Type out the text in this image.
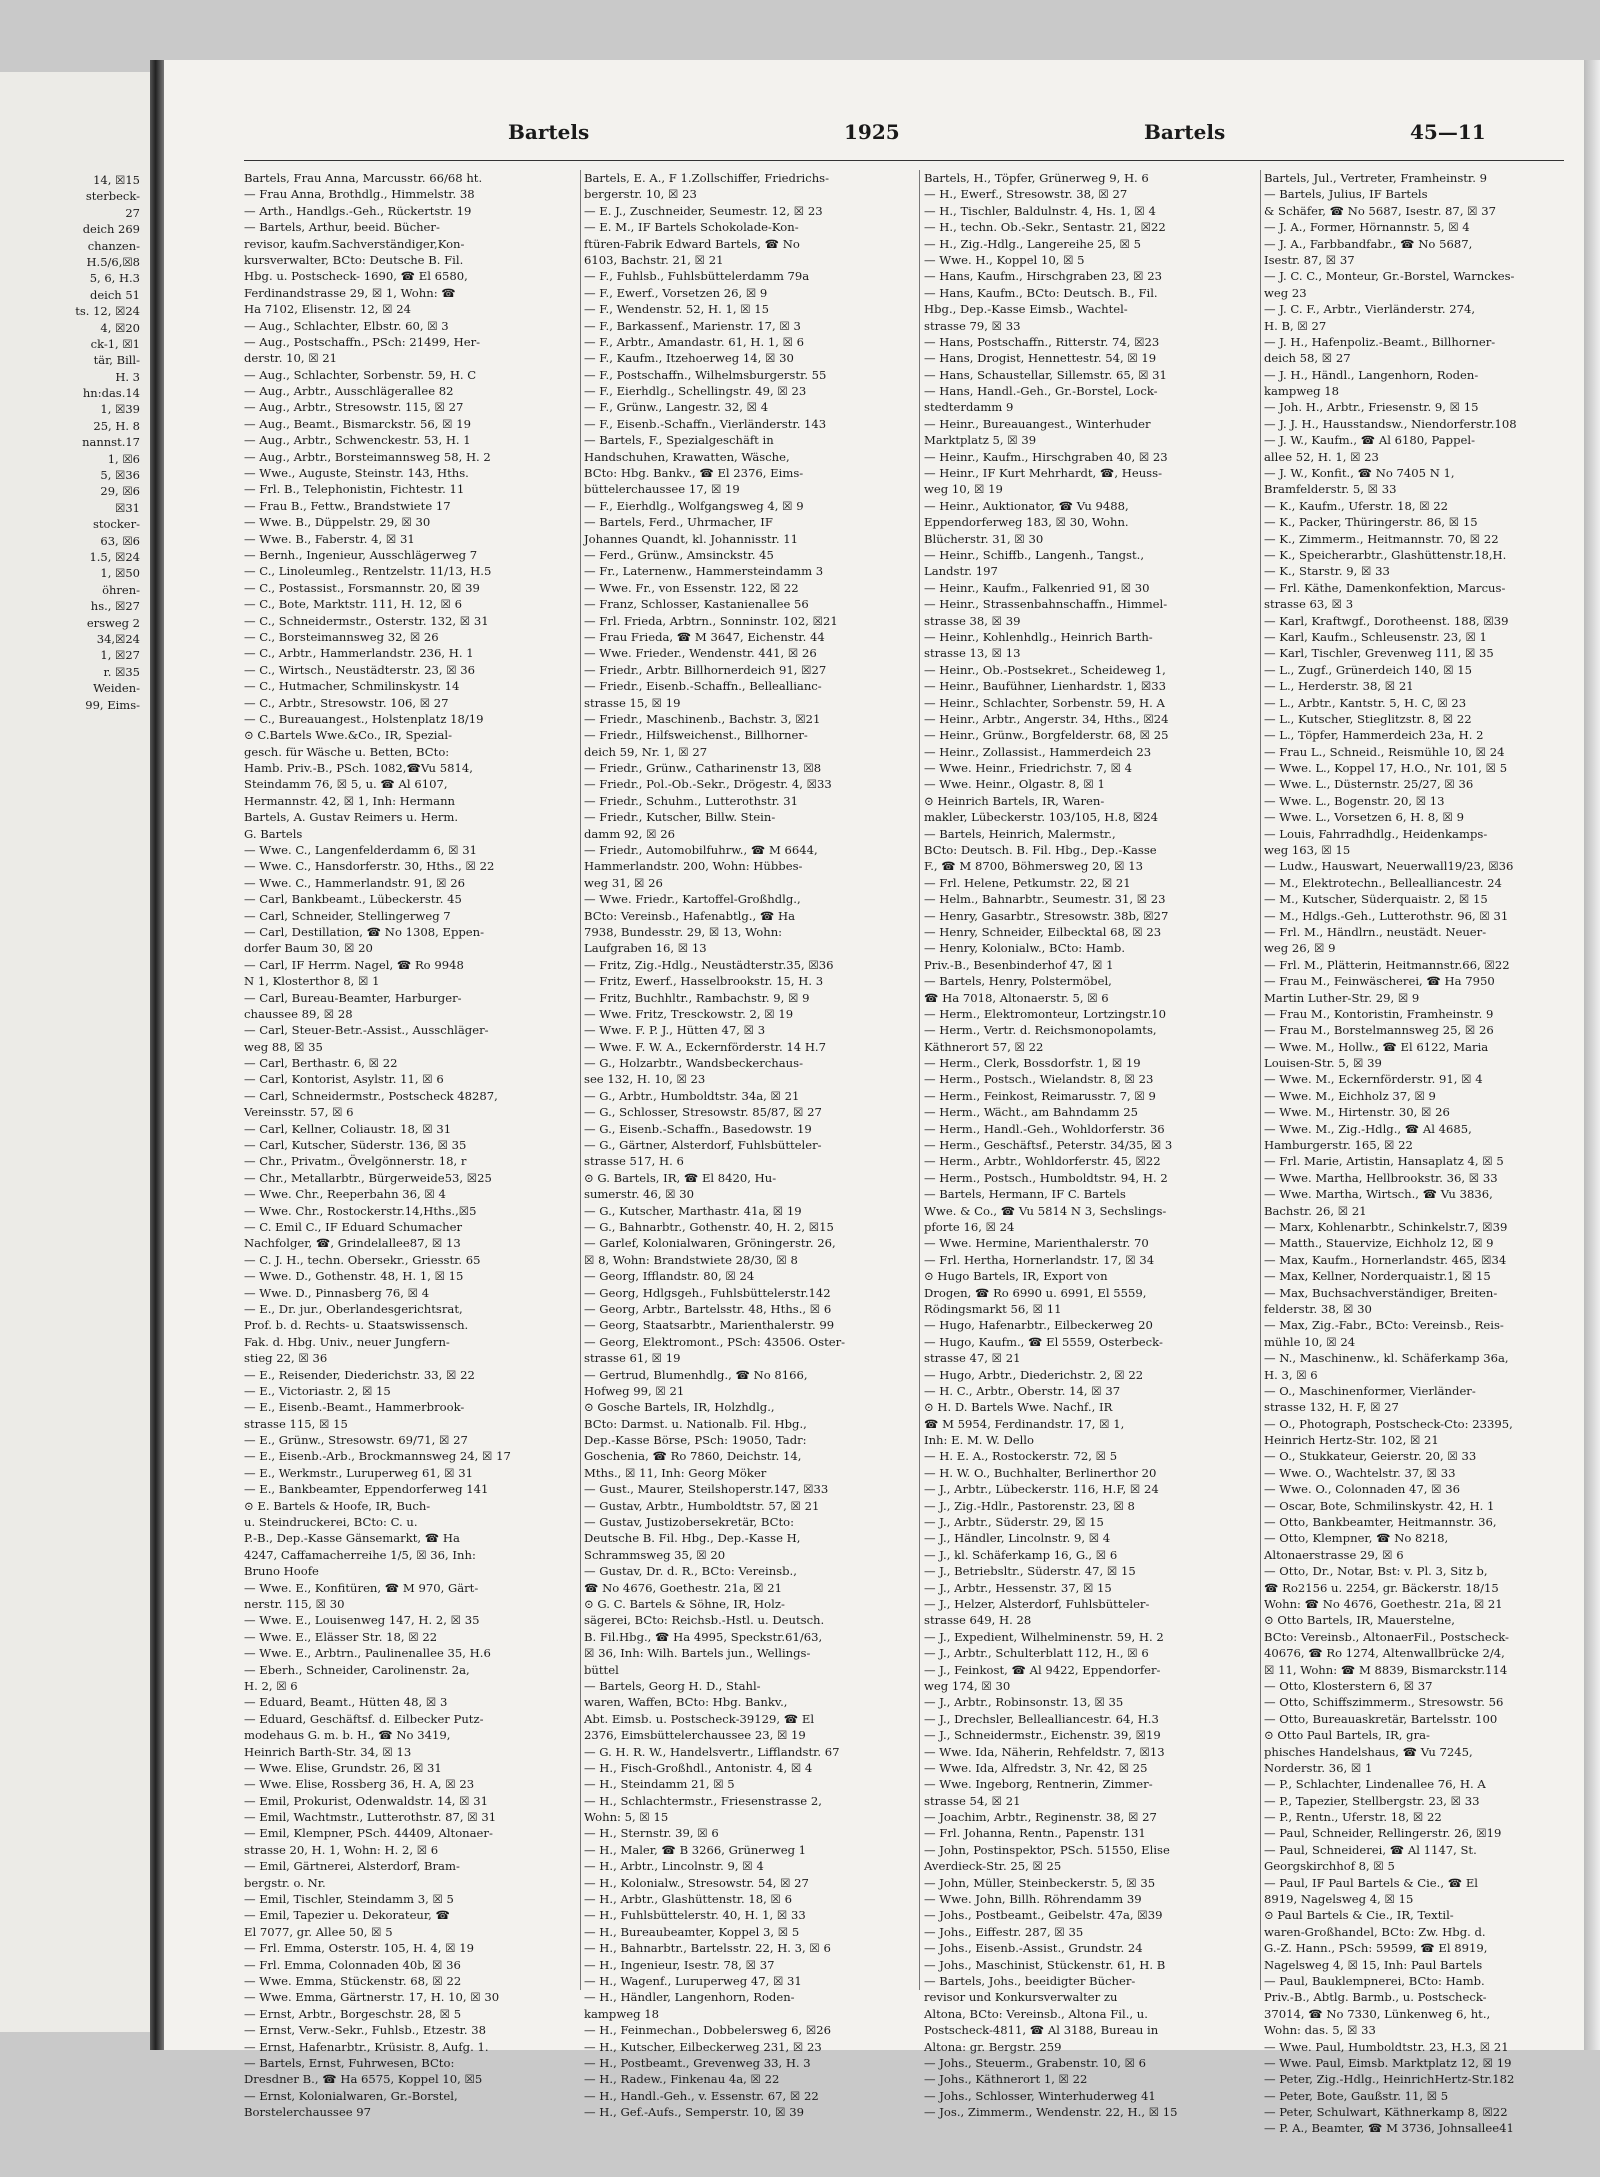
14, ☒15
sterbeck-
27
deich 269
chanzen-
H.5/6,☒8
5, 6, H.3
deich 51
ts. 12, ☒24
4, ☒20
ck-1, ☒1
tär, Bill-
H. 3
hn:das.14
1, ☒39
25, H. 8
nannst.17
1, ☒6
5, ☒36
29, ☒6
☒31
stocker-
63, ☒6
1.5, ☒24
1, ☒50
öhren-
hs., ☒27
ersweg 2
34,☒24
1, ☒27
r. ☒35
Weiden-
99, Eims-
Bartels	1925	Bartels	45—11
Bartels, Frau Anna, Marcusstr. 66/68 ht.
— Frau Anna, Brothdlg., Himmelstr. 38
— Arth., Handlgs.-Geh., Rückertstr. 19
— Bartels, Arthur, beeid. Bücher-
revisor, kaufm.Sachverständiger,Kon-
kursverwalter, BCto: Deutsche B. Fil.
Hbg. u. Postscheck- 1690, ☎ El 6580,
Ferdinandstrasse 29, ☒ 1, Wohn: ☎
Ha 7102, Elisenstr. 12, ☒ 24
— Aug., Schlachter, Elbstr. 60, ☒ 3
— Aug., Postschaffn., PSch: 21499, Her-
derstr. 10, ☒ 21
— Aug., Schlachter, Sorbenstr. 59, H. C
— Aug., Arbtr., Ausschlägerallee 82
— Aug., Arbtr., Stresowstr. 115, ☒ 27
— Aug., Beamt., Bismarckstr. 56, ☒ 19
— Aug., Arbtr., Schwenckestr. 53, H. 1
— Aug., Arbtr., Borsteimannsweg 58, H. 2
— Wwe., Auguste, Steinstr. 143, Hths.
— Frl. B., Telephonistin, Fichtestr. 11
— Frau B., Fettw., Brandstwiete 17
— Wwe. B., Düppelstr. 29, ☒ 30
— Wwe. B., Faberstr. 4, ☒ 31
— Bernh., Ingenieur, Ausschlägerweg 7
— C., Linoleumleg., Rentzelstr. 11/13, H.5
— C., Postassist., Forsmannstr. 20, ☒ 39
— C., Bote, Marktstr. 111, H. 12, ☒ 6
— C., Schneidermstr., Osterstr. 132, ☒ 31
— C., Borsteimannsweg 32, ☒ 26
— C., Arbtr., Hammerlandstr. 236, H. 1
— C., Wirtsch., Neustädterstr. 23, ☒ 36
— C., Hutmacher, Schmilinskystr. 14
— C., Arbtr., Stresowstr. 106, ☒ 27
— C., Bureauangest., Holstenplatz 18/19
⊙ C.Bartels Wwe.&Co., IR, Spezial-
gesch. für Wäsche u. Betten, BCto:
Hamb. Priv.-B., PSch. 1082,☎Vu 5814,
Steindamm 76, ☒ 5, u. ☎ Al 6107,
Hermannstr. 42, ☒ 1, Inh: Hermann
Bartels, A. Gustav Reimers u. Herm.
G. Bartels
— Wwe. C., Langenfelderdamm 6, ☒ 31
— Wwe. C., Hansdorferstr. 30, Hths., ☒ 22
— Wwe. C., Hammerlandstr. 91, ☒ 26
— Carl, Bankbeamt., Lübeckerstr. 45
— Carl, Schneider, Stellingerweg 7
— Carl, Destillation, ☎ No 1308, Eppen-
dorfer Baum 30, ☒ 20
— Carl, IF Herrm. Nagel, ☎ Ro 9948
N 1, Klosterthor 8, ☒ 1
— Carl, Bureau-Beamter, Harburger-
chaussee 89, ☒ 28
— Carl, Steuer-Betr.-Assist., Ausschläger-
weg 88, ☒ 35
— Carl, Berthastr. 6, ☒ 22
— Carl, Kontorist, Asylstr. 11, ☒ 6
— Carl, Schneidermstr., Postscheck 48287,
Vereinsstr. 57, ☒ 6
— Carl, Kellner, Coliaustr. 18, ☒ 31
— Carl, Kutscher, Süderstr. 136, ☒ 35
— Chr., Privatm., Övelgönnerstr. 18, r
— Chr., Metallarbtr., Bürgerweide53, ☒25
— Wwe. Chr., Reeperbahn 36, ☒ 4
— Wwe. Chr., Rostockerstr.14,Hths.,☒5
— C. Emil C., IF Eduard Schumacher
Nachfolger, ☎, Grindelallee87, ☒ 13
— C. J. H., techn. Obersekr., Griesstr. 65
— Wwe. D., Gothenstr. 48, H. 1, ☒ 15
— Wwe. D., Pinnasberg 76, ☒ 4
— E., Dr. jur., Oberlandesgerichtsrat,
Prof. b. d. Rechts- u. Staatswissensch.
Fak. d. Hbg. Univ., neuer Jungfern-
stieg 22, ☒ 36
— E., Reisender, Diederichstr. 33, ☒ 22
— E., Victoriastr. 2, ☒ 15
— E., Eisenb.-Beamt., Hammerbrook-
strasse 115, ☒ 15
— E., Grünw., Stresowstr. 69/71, ☒ 27
— E., Eisenb.-Arb., Brockmannsweg 24, ☒ 17
— E., Werkmstr., Luruperweg 61, ☒ 31
— E., Bankbeamter, Eppendorferweg 141
⊙ E. Bartels & Hoofe, IR, Buch-
u. Steindruckerei, BCto: C. u.
P.-B., Dep.-Kasse Gänsemarkt, ☎ Ha
4247, Caffamacherreihe 1/5, ☒ 36, Inh:
Bruno Hoofe
— Wwe. E., Konfitüren, ☎ M 970, Gärt-
nerstr. 115, ☒ 30
— Wwe. E., Louisenweg 147, H. 2, ☒ 35
— Wwe. E., Elässer Str. 18, ☒ 22
— Wwe. E., Arbtrn., Paulinenallee 35, H.6
— Eberh., Schneider, Carolinenstr. 2a,
H. 2, ☒ 6
— Eduard, Beamt., Hütten 48, ☒ 3
— Eduard, Geschäftsf. d. Eilbecker Putz-
modehaus G. m. b. H., ☎ No 3419,
Heinrich Barth-Str. 34, ☒ 13
— Wwe. Elise, Grundstr. 26, ☒ 31
— Wwe. Elise, Rossberg 36, H. A, ☒ 23
— Emil, Prokurist, Odenwaldstr. 14, ☒ 31
— Emil, Wachtmstr., Lutterothstr. 87, ☒ 31
— Emil, Klempner, PSch. 44409, Altonaer-
strasse 20, H. 1, Wohn: H. 2, ☒ 6
— Emil, Gärtnerei, Alsterdorf, Bram-
bergstr. o. Nr.
— Emil, Tischler, Steindamm 3, ☒ 5
— Emil, Tapezier u. Dekorateur, ☎
El 7077, gr. Allee 50, ☒ 5
— Frl. Emma, Osterstr. 105, H. 4, ☒ 19
— Frl. Emma, Colonnaden 40b, ☒ 36
— Wwe. Emma, Stückenstr. 68, ☒ 22
— Wwe. Emma, Gärtnerstr. 17, H. 10, ☒ 30
— Ernst, Arbtr., Borgeschstr. 28, ☒ 5
— Ernst, Verw.-Sekr., Fuhlsb., Etzestr. 38
— Ernst, Hafenarbtr., Krüsistr. 8, Aufg. 1.
— Bartels, Ernst, Fuhrwesen, BCto:
Dresdner B., ☎ Ha 6575, Koppel 10, ☒5
— Ernst, Kolonialwaren, Gr.-Borstel,
Borstelerchaussee 97
Bartels, E. A., F 1.Zollschiffer, Friedrichs-
bergerstr. 10, ☒ 23
— E. J., Zuschneider, Seumestr. 12, ☒ 23
— E. M., IF Bartels Schokolade-Kon-
ftüren-Fabrik Edward Bartels, ☎ No
6103, Bachstr. 21, ☒ 21
— F., Fuhlsb., Fuhlsbüttelerdamm 79a
— F., Ewerf., Vorsetzen 26, ☒ 9
— F., Wendenstr. 52, H. 1, ☒ 15
— F., Barkassenf., Marienstr. 17, ☒ 3
— F., Arbtr., Amandastr. 61, H. 1, ☒ 6
— F., Kaufm., Itzehoerweg 14, ☒ 30
— F., Postschaffn., Wilhelmsburgerstr. 55
— F., Eierhdlg., Schellingstr. 49, ☒ 23
— F., Grünw., Langestr. 32, ☒ 4
— F., Eisenb.-Schaffn., Vierländerstr. 143
— Bartels, F., Spezialgeschäft in
Handschuhen, Krawatten, Wäsche,
BCto: Hbg. Bankv., ☎ El 2376, Eims-
büttelerchaussee 17, ☒ 19
— F., Eierhdlg., Wolfgangsweg 4, ☒ 9
— Bartels, Ferd., Uhrmacher, IF
Johannes Quandt, kl. Johannisstr. 11
— Ferd., Grünw., Amsinckstr. 45
— Fr., Laternenw., Hammersteindamm 3
— Wwe. Fr., von Essenstr. 122, ☒ 22
— Franz, Schlosser, Kastanienallee 56
— Frl. Frieda, Arbtrn., Sonninstr. 102, ☒21
— Frau Frieda, ☎ M 3647, Eichenstr. 44
— Wwe. Frieder., Wendenstr. 441, ☒ 26
— Friedr., Arbtr. Billhornerdeich 91, ☒27
— Friedr., Eisenb.-Schaffn., Belleallianc-
strasse 15, ☒ 19
— Friedr., Maschinenb., Bachstr. 3, ☒21
— Friedr., Hilfsweichenst., Billhorner-
deich 59, Nr. 1, ☒ 27
— Friedr., Grünw., Catharinenstr 13, ☒8
— Friedr., Pol.-Ob.-Sekr., Drögestr. 4, ☒33
— Friedr., Schuhm., Lutterothstr. 31
— Friedr., Kutscher, Billw. Stein-
damm 92, ☒ 26
— Friedr., Automobilfuhrw., ☎ M 6644,
Hammerlandstr. 200, Wohn: Hübbes-
weg 31, ☒ 26
— Wwe. Friedr., Kartoffel-Großhdlg.,
BCto: Vereinsb., Hafenabtlg., ☎ Ha
7938, Bundesstr. 29, ☒ 13, Wohn:
Laufgraben 16, ☒ 13
— Fritz, Zig.-Hdlg., Neustädterstr.35, ☒36
— Fritz, Ewerf., Hasselbrookstr. 15, H. 3
— Fritz, Buchhltr., Rambachstr. 9, ☒ 9
— Wwe. Fritz, Tresckowstr. 2, ☒ 19
— Wwe. F. P. J., Hütten 47, ☒ 3
— Wwe. F. W. A., Eckernförderstr. 14 H.7
— G., Holzarbtr., Wandsbeckerchaus-
see 132, H. 10, ☒ 23
— G., Arbtr., Humboldtstr. 34a, ☒ 21
— G., Schlosser, Stresowstr. 85/87, ☒ 27
— G., Eisenb.-Schaffn., Basedowstr. 19
— G., Gärtner, Alsterdorf, Fuhlsbütteler-
strasse 517, H. 6
⊙ G. Bartels, IR, ☎ El 8420, Hu-
sumerstr. 46, ☒ 30
— G., Kutscher, Marthastr. 41a, ☒ 19
— G., Bahnarbtr., Gothenstr. 40, H. 2, ☒15
— Garlef, Kolonialwaren, Gröningerstr. 26,
☒ 8, Wohn: Brandstwiete 28/30, ☒ 8
— Georg, Ifflandstr. 80, ☒ 24
— Georg, Hdlgsgeh., Fuhlsbüttelerstr.142
— Georg, Arbtr., Bartelsstr. 48, Hths., ☒ 6
— Georg, Staatsarbtr., Marienthalerstr. 99
— Georg, Elektromont., PSch: 43506. Oster-
strasse 61, ☒ 19
— Gertrud, Blumenhdlg., ☎ No 8166,
Hofweg 99, ☒ 21
⊙ Gosche Bartels, IR, Holzhdlg.,
BCto: Darmst. u. Nationalb. Fil. Hbg.,
Dep.-Kasse Börse, PSch: 19050, Tadr:
Goschenia, ☎ Ro 7860, Deichstr. 14,
Mths., ☒ 11, Inh: Georg Möker
— Gust., Maurer, Steilshoperstr.147, ☒33
— Gustav, Arbtr., Humboldtstr. 57, ☒ 21
— Gustav, Justizobersekretär, BCto:
Deutsche B. Fil. Hbg., Dep.-Kasse H,
Schrammsweg 35, ☒ 20
— Gustav, Dr. d. R., BCto: Vereinsb.,
☎ No 4676, Goethestr. 21a, ☒ 21
⊙ G. C. Bartels & Söhne, IR, Holz-
sägerei, BCto: Reichsb.-Hstl. u. Deutsch.
B. Fil.Hbg., ☎ Ha 4995, Speckstr.61/63,
☒ 36, Inh: Wilh. Bartels jun., Wellings-
büttel
— Bartels, Georg H. D., Stahl-
waren, Waffen, BCto: Hbg. Bankv.,
Abt. Eimsb. u. Postscheck-39129, ☎ El
2376, Eimsbüttelerchaussee 23, ☒ 19
— G. H. R. W., Handelsvertr., Lifflandstr. 67
— H., Fisch-Großhdl., Antonistr. 4, ☒ 4
— H., Steindamm 21, ☒ 5
— H., Schlachtermstr., Friesenstrasse 2,
Wohn: 5, ☒ 15
— H., Sternstr. 39, ☒ 6
— H., Maler, ☎ B 3266, Grünerweg 1
— H., Arbtr., Lincolnstr. 9, ☒ 4
— H., Kolonialw., Stresowstr. 54, ☒ 27
— H., Arbtr., Glashüttenstr. 18, ☒ 6
— H., Fuhlsbüttelerstr. 40, H. 1, ☒ 33
— H., Bureaubeamter, Koppel 3, ☒ 5
— H., Bahnarbtr., Bartelsstr. 22, H. 3, ☒ 6
— H., Ingenieur, Isestr. 78, ☒ 37
— H., Wagenf., Luruperweg 47, ☒ 31
— H., Händler, Langenhorn, Roden-
kampweg 18
— H., Feinmechan., Dobbelersweg 6, ☒26
— H., Kutscher, Eilbeckerweg 231, ☒ 23
— H., Postbeamt., Grevenweg 33, H. 3
— H., Radew., Finkenau 4a, ☒ 22
— H., Handl.-Geh., v. Essenstr. 67, ☒ 22
— H., Gef.-Aufs., Semperstr. 10, ☒ 39
Bartels, H., Töpfer, Grünerweg 9, H. 6
— H., Ewerf., Stresowstr. 38, ☒ 27
— H., Tischler, Baldulnstr. 4, Hs. 1, ☒ 4
— H., techn. Ob.-Sekr., Sentastr. 21, ☒22
— H., Zig.-Hdlg., Langereihe 25, ☒ 5
— Wwe. H., Koppel 10, ☒ 5
— Hans, Kaufm., Hirschgraben 23, ☒ 23
— Hans, Kaufm., BCto: Deutsch. B., Fil.
Hbg., Dep.-Kasse Eimsb., Wachtel-
strasse 79, ☒ 33
— Hans, Postschaffn., Ritterstr. 74, ☒23
— Hans, Drogist, Hennettestr. 54, ☒ 19
— Hans, Schaustellar, Sillemstr. 65, ☒ 31
— Hans, Handl.-Geh., Gr.-Borstel, Lock-
stedterdamm 9
— Heinr., Bureauangest., Winterhuder
Marktplatz 5, ☒ 39
— Heinr., Kaufm., Hirschgraben 40, ☒ 23
— Heinr., IF Kurt Mehrhardt, ☎, Heuss-
weg 10, ☒ 19
— Heinr., Auktionator, ☎ Vu 9488,
Eppendorferweg 183, ☒ 30, Wohn.
Blücherstr. 31, ☒ 30
— Heinr., Schiffb., Langenh., Tangst.,
Landstr. 197
— Heinr., Kaufm., Falkenried 91, ☒ 30
— Heinr., Strassenbahnschaffn., Himmel-
strasse 38, ☒ 39
— Heinr., Kohlenhdlg., Heinrich Barth-
strasse 13, ☒ 13
— Heinr., Ob.-Postsekret., Scheideweg 1,
— Heinr., Baufühner, Lienhardstr. 1, ☒33
— Heinr., Schlachter, Sorbenstr. 59, H. A
— Heinr., Arbtr., Angerstr. 34, Hths., ☒24
— Heinr., Grünw., Borgfelderstr. 68, ☒ 25
— Heinr., Zollassist., Hammerdeich 23
— Wwe. Heinr., Friedrichstr. 7, ☒ 4
— Wwe. Heinr., Olgastr. 8, ☒ 1
⊙ Heinrich Bartels, IR, Waren-
makler, Lübeckerstr. 103/105, H.8, ☒24
— Bartels, Heinrich, Malermstr.,
BCto: Deutsch. B. Fil. Hbg., Dep.-Kasse
F., ☎ M 8700, Böhmersweg 20, ☒ 13
— Frl. Helene, Petkumstr. 22, ☒ 21
— Helm., Bahnarbtr., Seumestr. 31, ☒ 23
— Henry, Gasarbtr., Stresowstr. 38b, ☒27
— Henry, Schneider, Eilbecktal 68, ☒ 23
— Henry, Kolonialw., BCto: Hamb.
Priv.-B., Besenbinderhof 47, ☒ 1
— Bartels, Henry, Polstermöbel,
☎ Ha 7018, Altonaerstr. 5, ☒ 6
— Herm., Elektromonteur, Lortzingstr.10
— Herm., Vertr. d. Reichsmonopolamts,
Käthnerort 57, ☒ 22
— Herm., Clerk, Bossdorfstr. 1, ☒ 19
— Herm., Postsch., Wielandstr. 8, ☒ 23
— Herm., Feinkost, Reimarusstr. 7, ☒ 9
— Herm., Wächt., am Bahndamm 25
— Herm., Handl.-Geh., Wohldorferstr. 36
— Herm., Geschäftsf., Peterstr. 34/35, ☒ 3
— Herm., Arbtr., Wohldorferstr. 45, ☒22
— Herm., Postsch., Humboldtstr. 94, H. 2
— Bartels, Hermann, IF C. Bartels
Wwe. & Co., ☎ Vu 5814 N 3, Sechslings-
pforte 16, ☒ 24
— Wwe. Hermine, Marienthalerstr. 70
— Frl. Hertha, Hornerlandstr. 17, ☒ 34
⊙ Hugo Bartels, IR, Export von
Drogen, ☎ Ro 6990 u. 6991, El 5559,
Rödingsmarkt 56, ☒ 11
— Hugo, Hafenarbtr., Eilbeckerweg 20
— Hugo, Kaufm., ☎ El 5559, Osterbeck-
strasse 47, ☒ 21
— Hugo, Arbtr., Diederichstr. 2, ☒ 22
— H. C., Arbtr., Oberstr. 14, ☒ 37
⊙ H. D. Bartels Wwe. Nachf., IR
☎ M 5954, Ferdinandstr. 17, ☒ 1,
Inh: E. M. W. Dello
— H. E. A., Rostockerstr. 72, ☒ 5
— H. W. O., Buchhalter, Berlinerthor 20
— J., Arbtr., Lübeckerstr. 116, H.F, ☒ 24
— J., Zig.-Hdlr., Pastorenstr. 23, ☒ 8
— J., Arbtr., Süderstr. 29, ☒ 15
— J., Händler, Lincolnstr. 9, ☒ 4
— J., kl. Schäferkamp 16, G., ☒ 6
— J., Betriebsltr., Süderstr. 47, ☒ 15
— J., Arbtr., Hessenstr. 37, ☒ 15
— J., Helzer, Alsterdorf, Fuhlsbütteler-
strasse 649, H. 28
— J., Expedient, Wilhelminenstr. 59, H. 2
— J., Arbtr., Schulterblatt 112, H., ☒ 6
— J., Feinkost, ☎ Al 9422, Eppendorfer-
weg 174, ☒ 30
— J., Arbtr., Robinsonstr. 13, ☒ 35
— J., Drechsler, Bellealliancestr. 64, H.3
— J., Schneidermstr., Eichenstr. 39, ☒19
— Wwe. Ida, Näherin, Rehfeldstr. 7, ☒13
— Wwe. Ida, Alfredstr. 3, Nr. 42, ☒ 25
— Wwe. Ingeborg, Rentnerin, Zimmer-
strasse 54, ☒ 21
— Joachim, Arbtr., Reginenstr. 38, ☒ 27
— Frl. Johanna, Rentn., Papenstr. 131
— John, Postinspektor, PSch. 51550, Elise
Averdieck-Str. 25, ☒ 25
— John, Müller, Steinbeckerstr. 5, ☒ 35
— Wwe. John, Billh. Röhrendamm 39
— Johs., Postbeamt., Geibelstr. 47a, ☒39
— Johs., Eiffestr. 287, ☒ 35
— Johs., Eisenb.-Assist., Grundstr. 24
— Johs., Maschinist, Stückenstr. 61, H. B
— Bartels, Johs., beeidigter Bücher-
revisor und Konkursverwalter zu
Altona, BCto: Vereinsb., Altona Fil., u.
Postscheck-4811, ☎ Al 3188, Bureau in
Altona: gr. Bergstr. 259
— Johs., Steuerm., Grabenstr. 10, ☒ 6
— Johs., Käthnerort 1, ☒ 22
— Johs., Schlosser, Winterhuderweg 41
— Jos., Zimmerm., Wendenstr. 22, H., ☒ 15
Bartels, Jul., Vertreter, Framheinstr. 9
— Bartels, Julius, IF Bartels
& Schäfer, ☎ No 5687, Isestr. 87, ☒ 37
— J. A., Former, Hörnannstr. 5, ☒ 4
— J. A., Farbbandfabr., ☎ No 5687,
Isestr. 87, ☒ 37
— J. C. C., Monteur, Gr.-Borstel, Warnckes-
weg 23
— J. C. F., Arbtr., Vierländerstr. 274,
H. B, ☒ 27
— J. H., Hafenpoliz.-Beamt., Billhorner-
deich 58, ☒ 27
— J. H., Händl., Langenhorn, Roden-
kampweg 18
— Joh. H., Arbtr., Friesenstr. 9, ☒ 15
— J. J. H., Hausstandsw., Niendorferstr.108
— J. W., Kaufm., ☎ Al 6180, Pappel-
allee 52, H. 1, ☒ 23
— J. W., Konfit., ☎ No 7405 N 1,
Bramfelderstr. 5, ☒ 33
— K., Kaufm., Uferstr. 18, ☒ 22
— K., Packer, Thüringerstr. 86, ☒ 15
— K., Zimmerm., Heitmannstr. 70, ☒ 22
— K., Speicherarbtr., Glashüttenstr.18,H.
— K., Starstr. 9, ☒ 33
— Frl. Käthe, Damenkonfektion, Marcus-
strasse 63, ☒ 3
— Karl, Kraftwgf., Dorotheenst. 188, ☒39
— Karl, Kaufm., Schleusenstr. 23, ☒ 1
— Karl, Tischler, Grevenweg 111, ☒ 35
— L., Zugf., Grünerdeich 140, ☒ 15
— L., Herderstr. 38, ☒ 21
— L., Arbtr., Kantstr. 5, H. C, ☒ 23
— L., Kutscher, Stieglitzstr. 8, ☒ 22
— L., Töpfer, Hammerdeich 23a, H. 2
— Frau L., Schneid., Reismühle 10, ☒ 24
— Wwe. L., Koppel 17, H.O., Nr. 101, ☒ 5
— Wwe. L., Düsternstr. 25/27, ☒ 36
— Wwe. L., Bogenstr. 20, ☒ 13
— Wwe. L., Vorsetzen 6, H. 8, ☒ 9
— Louis, Fahrradhdlg., Heidenkamps-
weg 163, ☒ 15
— Ludw., Hauswart, Neuerwall19/23, ☒36
— M., Elektrotechn., Bellealliancestr. 24
— M., Kutscher, Süderquaistr. 2, ☒ 15
— M., Hdlgs.-Geh., Lutterothstr. 96, ☒ 31
— Frl. M., Händlrn., neustädt. Neuer-
weg 26, ☒ 9
— Frl. M., Plätterin, Heitmannstr.66, ☒22
— Frau M., Feinwäscherei, ☎ Ha 7950
Martin Luther-Str. 29, ☒ 9
— Frau M., Kontoristin, Framheinstr. 9
— Frau M., Borstelmannsweg 25, ☒ 26
— Wwe. M., Hollw., ☎ El 6122, Maria
Louisen-Str. 5, ☒ 39
— Wwe. M., Eckernförderstr. 91, ☒ 4
— Wwe. M., Eichholz 37, ☒ 9
— Wwe. M., Hirtenstr. 30, ☒ 26
— Wwe. M., Zig.-Hdlg., ☎ Al 4685,
Hamburgerstr. 165, ☒ 22
— Frl. Marie, Artistin, Hansaplatz 4, ☒ 5
— Wwe. Martha, Hellbrookstr. 36, ☒ 33
— Wwe. Martha, Wirtsch., ☎ Vu 3836,
Bachstr. 26, ☒ 21
— Marx, Kohlenarbtr., Schinkelstr.7, ☒39
— Matth., Stauervize, Eichholz 12, ☒ 9
— Max, Kaufm., Hornerlandstr. 465, ☒34
— Max, Kellner, Norderquaistr.1, ☒ 15
— Max, Buchsachverständiger, Breiten-
felderstr. 38, ☒ 30
— Max, Zig.-Fabr., BCto: Vereinsb., Reis-
mühle 10, ☒ 24
— N., Maschinenw., kl. Schäferkamp 36a,
H. 3, ☒ 6
— O., Maschinenformer, Vierländer-
strasse 132, H. F, ☒ 27
— O., Photograph, Postscheck-Cto: 23395,
Heinrich Hertz-Str. 102, ☒ 21
— O., Stukkateur, Geierstr. 20, ☒ 33
— Wwe. O., Wachtelstr. 37, ☒ 33
— Wwe. O., Colonnaden 47, ☒ 36
— Oscar, Bote, Schmilinskystr. 42, H. 1
— Otto, Bankbeamter, Heitmannstr. 36,
— Otto, Klempner, ☎ No 8218,
Altonaerstrasse 29, ☒ 6
— Otto, Dr., Notar, Bst: v. Pl. 3, Sitz b,
☎ Ro2156 u. 2254, gr. Bäckerstr. 18/15
Wohn: ☎ No 4676, Goethestr. 21a, ☒ 21
⊙ Otto Bartels, IR, Mauerstelne,
BCto: Vereinsb., AltonaerFil., Postscheck-
40676, ☎ Ro 1274, Altenwallbrücke 2/4,
☒ 11, Wohn: ☎ M 8839, Bismarckstr.114
— Otto, Klosterstern 6, ☒ 37
— Otto, Schiffszimmerm., Stresowstr. 56
— Otto, Bureauaskretär, Bartelsstr. 100
⊙ Otto Paul Bartels, IR, gra-
phisches Handelshaus, ☎ Vu 7245,
Norderstr. 36, ☒ 1
— P., Schlachter, Lindenallee 76, H. A
— P., Tapezier, Stellbergstr. 23, ☒ 33
— P., Rentn., Uferstr. 18, ☒ 22
— Paul, Schneider, Rellingerstr. 26, ☒19
— Paul, Schneiderei, ☎ Al 1147, St.
Georgskirchhof 8, ☒ 5
— Paul, IF Paul Bartels & Cie., ☎ El
8919, Nagelsweg 4, ☒ 15
⊙ Paul Bartels & Cie., IR, Textil-
waren-Großhandel, BCto: Zw. Hbg. d.
G.-Z. Hann., PSch: 59599, ☎ El 8919,
Nagelsweg 4, ☒ 15, Inh: Paul Bartels
— Paul, Bauklempnerei, BCto: Hamb.
Priv.-B., Abtlg. Barmb., u. Postscheck-
37014, ☎ No 7330, Lünkenweg 6, ht.,
Wohn: das. 5, ☒ 33
— Wwe. Paul, Humboldtstr. 23, H.3, ☒ 21
— Wwe. Paul, Eimsb. Marktplatz 12, ☒ 19
— Peter, Zig.-Hdlg., HeinrichHertz-Str.182
— Peter, Bote, Gaußstr. 11, ☒ 5
— Peter, Schulwart, Käthnerkamp 8, ☒22
— P. A., Beamter, ☎ M 3736, Johnsallee41
